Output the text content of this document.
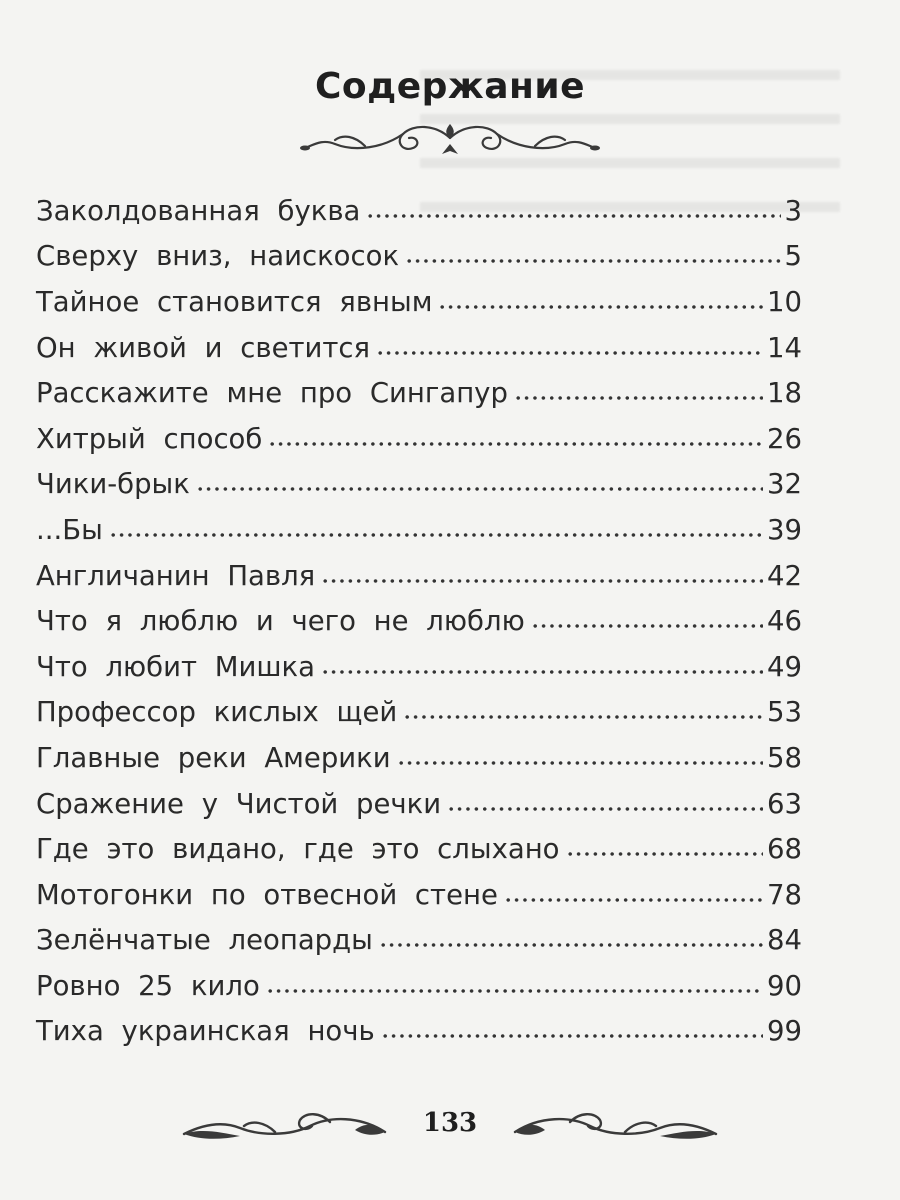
Содержание
Заколдованная буква	3
Сверху вниз, наискосок	5
Тайное становится явным	10
Он живой и светится	14
Расскажите мне про Сингапур	18
Хитрый способ	26
Чики-брык	32
...Бы	39
Англичанин Павля	42
Что я люблю и чего не люблю	46
Что любит Мишка	49
Профессор кислых щей	53
Главные реки Америки	58
Сражение у Чистой речки	63
Где это видано, где это слыхано	68
Мотогонки по отвесной стене	78
Зелёнчатые леопарды	84
Ровно 25 кило	90
Тиха украинская ночь	99
133
